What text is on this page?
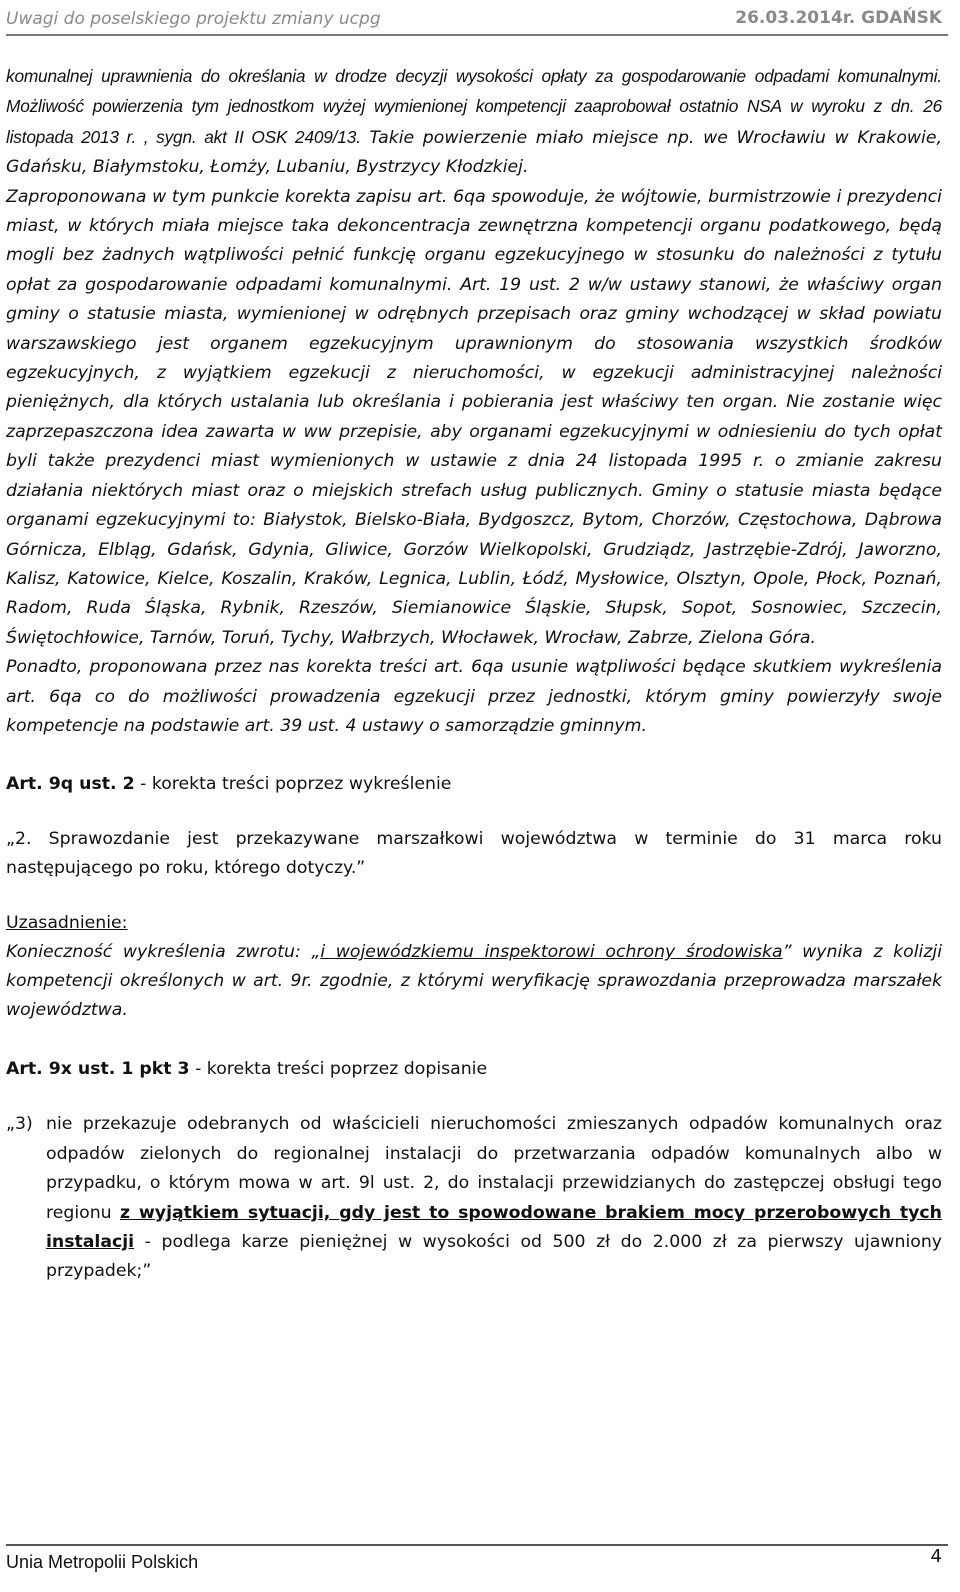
Uwagi do poselskiego projektu zmiany ucpg	26.03.2014r. GDAŃSK

komunalnej uprawnienia do określania w drodze decyzji wysokości opłaty za gospodarowanie odpadami komunalnymi. Możliwość powierzenia tym jednostkom wyżej wymienionej kompetencji zaaprobował ostatnio NSA w wyroku z dn. 26 listopada 2013 r. , sygn. akt II OSK 2409/13. Takie powierzenie miało miejsce np. we Wrocławiu w Krakowie, Gdańsku, Białymstoku, Łomży, Lubaniu, Bystrzycy Kłodzkiej.

Zaproponowana w tym punkcie korekta zapisu art. 6qa spowoduje, że wójtowie, burmistrzowie i prezydenci miast, w których miała miejsce taka dekoncentracja zewnętrzna kompetencji organu podatkowego, będą mogli bez żadnych wątpliwości pełnić funkcję organu egzekucyjnego w stosunku do należności z tytułu opłat za gospodarowanie odpadami komunalnymi. Art. 19 ust. 2 w/w ustawy stanowi, że właściwy organ gminy o statusie miasta, wymienionej w odrębnych przepisach oraz gminy wchodzącej w skład powiatu warszawskiego jest organem egzekucyjnym uprawnionym do stosowania wszystkich środków egzekucyjnych, z wyjątkiem egzekucji z nieruchomości, w egzekucji administracyjnej należności pieniężnych, dla których ustalania lub określania i pobierania jest właściwy ten organ. Nie zostanie więc zaprzepaszczona idea zawarta w ww przepisie, aby organami egzekucyjnymi w odniesieniu do tych opłat byli także prezydenci miast wymienionych w ustawie z dnia 24 listopada 1995 r. o zmianie zakresu działania niektórych miast oraz o miejskich strefach usług publicznych. Gminy o statusie miasta będące organami egzekucyjnymi to: Białystok, Bielsko-Biała, Bydgoszcz, Bytom, Chorzów, Częstochowa, Dąbrowa Górnicza, Elbląg, Gdańsk, Gdynia, Gliwice, Gorzów Wielkopolski, Grudziądz, Jastrzębie-Zdrój, Jaworzno, Kalisz, Katowice, Kielce, Koszalin, Kraków, Legnica, Lublin, Łódź, Mysłowice, Olsztyn, Opole, Płock, Poznań, Radom, Ruda Śląska, Rybnik, Rzeszów, Siemianowice Śląskie, Słupsk, Sopot, Sosnowiec, Szczecin, Świętochłowice, Tarnów, Toruń, Tychy, Wałbrzych, Włocławek, Wrocław, Zabrze, Zielona Góra.

Ponadto, proponowana przez nas korekta treści art. 6qa usunie wątpliwości będące skutkiem wykreślenia art. 6qa co do możliwości prowadzenia egzekucji przez jednostki, którym gminy powierzyły swoje kompetencje na podstawie art. 39 ust. 4 ustawy o samorządzie gminnym.

Art. 9q ust. 2 - korekta treści poprzez wykreślenie

„2. Sprawozdanie jest przekazywane marszałkowi województwa w terminie do 31 marca roku następującego po roku, którego dotyczy.”

Uzasadnienie:

Konieczność wykreślenia zwrotu: „i wojewódzkiemu inspektorowi ochrony środowiska” wynika z kolizji kompetencji określonych w art. 9r. zgodnie, z którymi weryfikację sprawozdania przeprowadza marszałek województwa.

Art. 9x ust. 1 pkt 3 - korekta treści poprzez dopisanie

„3) nie przekazuje odebranych od właścicieli nieruchomości zmieszanych odpadów komunalnych oraz odpadów zielonych do regionalnej instalacji do przetwarzania odpadów komunalnych albo w przypadku, o którym mowa w art. 9l ust. 2, do instalacji przewidzianych do zastępczej obsługi tego regionu z wyjątkiem sytuacji, gdy jest to spowodowane brakiem mocy przerobowych tych instalacji - podlega karze pieniężnej w wysokości od 500 zł do 2.000 zł za pierwszy ujawniony przypadek;”

Unia Metropolii Polskich	4
